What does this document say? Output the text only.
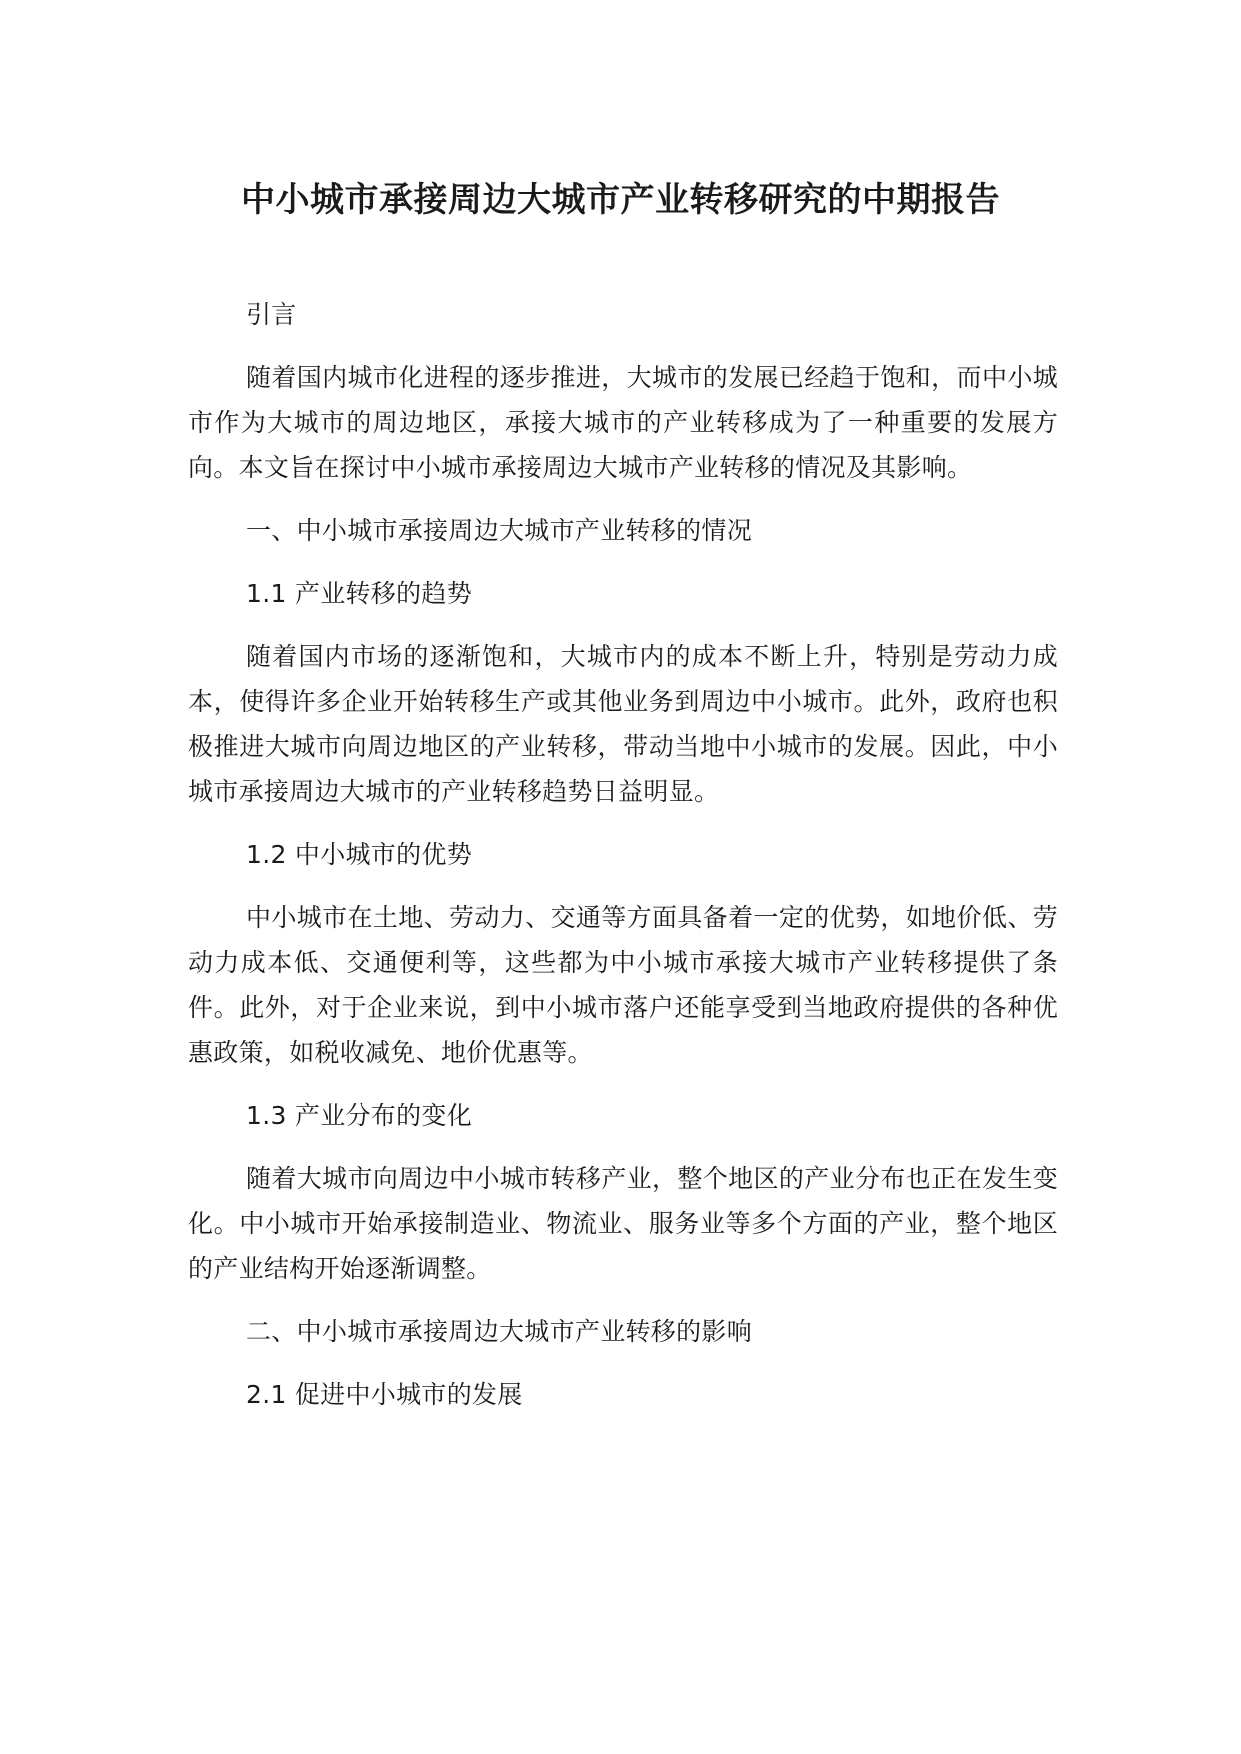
中小城市承接周边大城市产业转移研究的中期报告

引言

随着国内城市化进程的逐步推进，大城市的发展已经趋于饱和，而中小城市作为大城市的周边地区，承接大城市的产业转移成为了一种重要的发展方向。本文旨在探讨中小城市承接周边大城市产业转移的情况及其影响。

一、中小城市承接周边大城市产业转移的情况

1.1 产业转移的趋势

随着国内市场的逐渐饱和，大城市内的成本不断上升，特别是劳动力成本，使得许多企业开始转移生产或其他业务到周边中小城市。此外，政府也积极推进大城市向周边地区的产业转移，带动当地中小城市的发展。因此，中小城市承接周边大城市的产业转移趋势日益明显。

1.2 中小城市的优势

中小城市在土地、劳动力、交通等方面具备着一定的优势，如地价低、劳动力成本低、交通便利等，这些都为中小城市承接大城市产业转移提供了条件。此外，对于企业来说，到中小城市落户还能享受到当地政府提供的各种优惠政策，如税收减免、地价优惠等。

1.3 产业分布的变化

随着大城市向周边中小城市转移产业，整个地区的产业分布也正在发生变化。中小城市开始承接制造业、物流业、服务业等多个方面的产业，整个地区的产业结构开始逐渐调整。

二、中小城市承接周边大城市产业转移的影响

2.1 促进中小城市的发展
